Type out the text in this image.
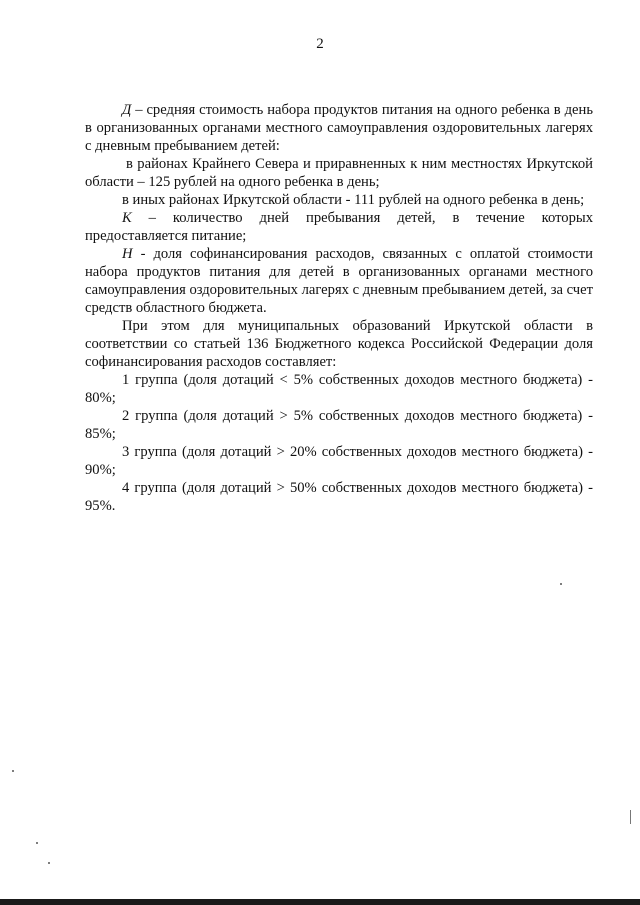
2

Д – средняя стоимость набора продуктов питания на одного ребенка в день в организованных органами местного самоуправления оздоровительных лагерях с дневным пребыванием детей:

в районах Крайнего Севера и приравненных к ним местностях Иркутской области – 125 рублей на одного ребенка в день;

в иных районах Иркутской области - 111 рублей на одного ребенка в день;

К – количество дней пребывания детей, в течение которых предоставляется питание;

Н - доля софинансирования расходов, связанных с оплатой стоимости набора продуктов питания для детей в организованных органами местного самоуправления оздоровительных лагерях с дневным пребыванием детей, за счет средств областного бюджета.

При этом для муниципальных образований Иркутской области в соответствии со статьей 136 Бюджетного кодекса Российской Федерации доля софинансирования расходов составляет:

1 группа (доля дотаций < 5% собственных доходов местного бюджета) - 80%;

2 группа (доля дотаций > 5% собственных доходов местного бюджета) - 85%;

3 группа (доля дотаций > 20% собственных доходов местного бюджета) - 90%;

4 группа (доля дотаций > 50% собственных доходов местного бюджета) - 95%.
